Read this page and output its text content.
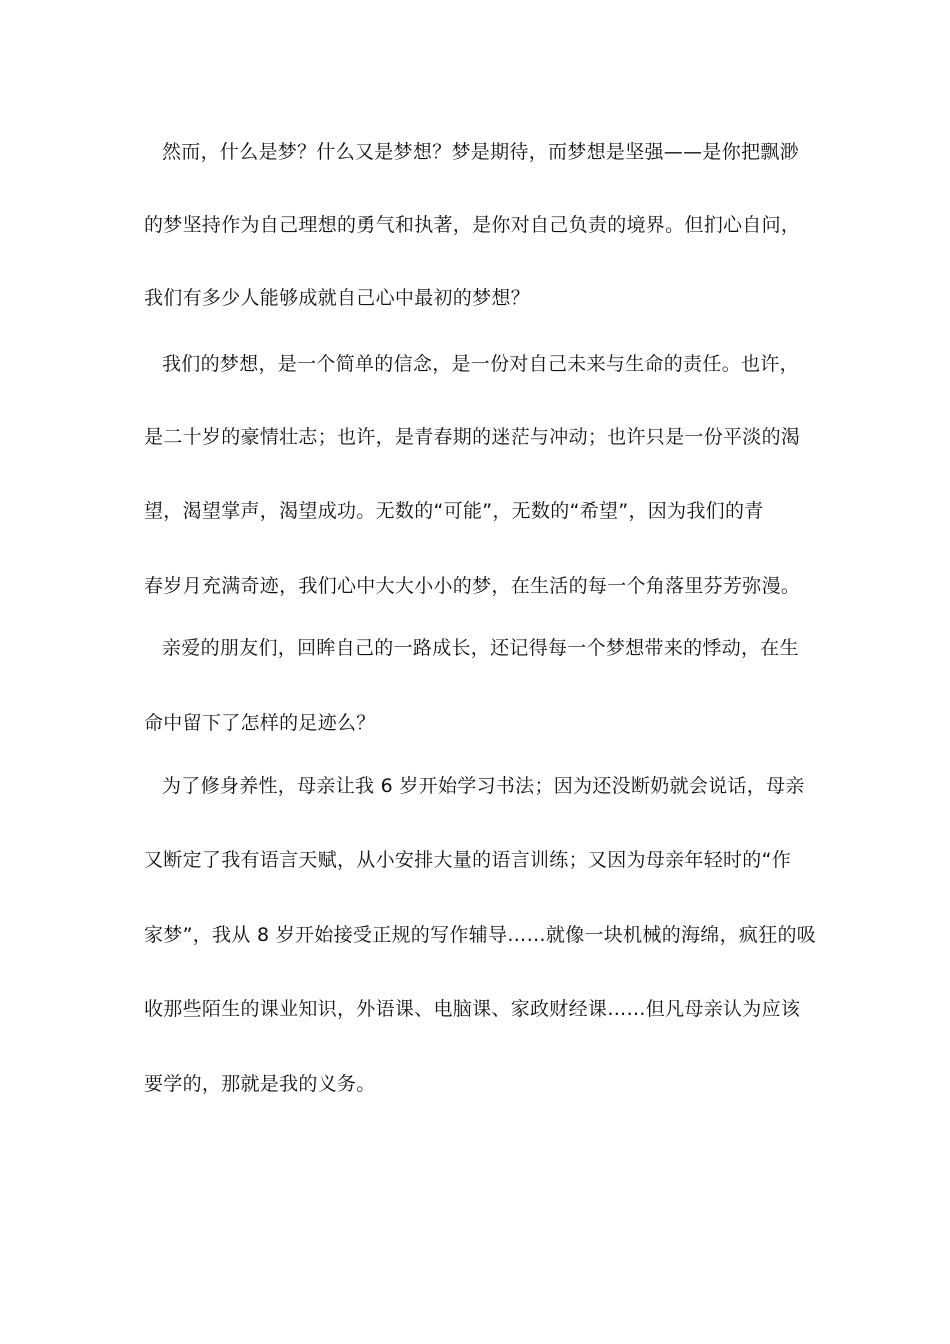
然而，什么是梦？什么又是梦想？梦是期待，而梦想是坚强——是你把飘渺
的梦坚持作为自己理想的勇气和执著，是你对自己负责的境界。但扪心自问，
我们有多少人能够成就自己心中最初的梦想？
我们的梦想，是一个简单的信念，是一份对自己未来与生命的责任。也许，
是二十岁的豪情壮志；也许，是青春期的迷茫与冲动；也许只是一份平淡的渴
望，渴望掌声，渴望成功。无数的“可能”，无数的“希望”，因为我们的青
春岁月充满奇迹，我们心中大大小小的梦，在生活的每一个角落里芬芳弥漫。
亲爱的朋友们，回眸自己的一路成长，还记得每一个梦想带来的悸动，在生
命中留下了怎样的足迹么？
为了修身养性，母亲让我 6 岁开始学习书法；因为还没断奶就会说话，母亲
又断定了我有语言天赋，从小安排大量的语言训练；又因为母亲年轻时的“作
家梦”，我从 8 岁开始接受正规的写作辅导……就像一块机械的海绵，疯狂的吸
收那些陌生的课业知识，外语课、电脑课、家政财经课……但凡母亲认为应该
要学的，那就是我的义务。
